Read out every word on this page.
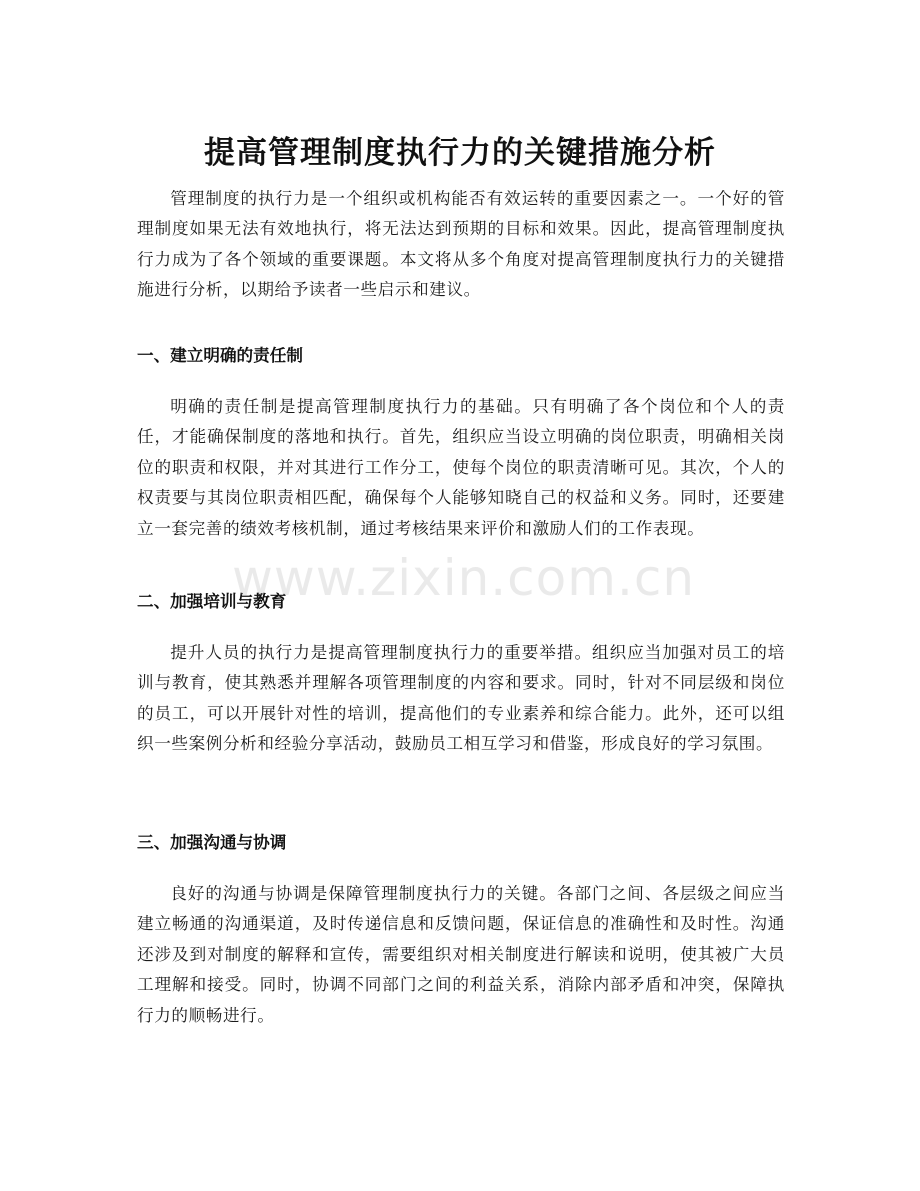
提高管理制度执行力的关键措施分析

管理制度的执行力是一个组织或机构能否有效运转的重要因素之一。一个好的管理制度如果无法有效地执行，将无法达到预期的目标和效果。因此，提高管理制度执行力成为了各个领域的重要课题。本文将从多个角度对提高管理制度执行力的关键措施进行分析，以期给予读者一些启示和建议。

一、建立明确的责任制

明确的责任制是提高管理制度执行力的基础。只有明确了各个岗位和个人的责任，才能确保制度的落地和执行。首先，组织应当设立明确的岗位职责，明确相关岗位的职责和权限，并对其进行工作分工，使每个岗位的职责清晰可见。其次，个人的权责要与其岗位职责相匹配，确保每个人能够知晓自己的权益和义务。同时，还要建立一套完善的绩效考核机制，通过考核结果来评价和激励人们的工作表现。

二、加强培训与教育

提升人员的执行力是提高管理制度执行力的重要举措。组织应当加强对员工的培训与教育，使其熟悉并理解各项管理制度的内容和要求。同时，针对不同层级和岗位的员工，可以开展针对性的培训，提高他们的专业素养和综合能力。此外，还可以组织一些案例分析和经验分享活动，鼓励员工相互学习和借鉴，形成良好的学习氛围。

三、加强沟通与协调

良好的沟通与协调是保障管理制度执行力的关键。各部门之间、各层级之间应当建立畅通的沟通渠道，及时传递信息和反馈问题，保证信息的准确性和及时性。沟通还涉及到对制度的解释和宣传，需要组织对相关制度进行解读和说明，使其被广大员工理解和接受。同时，协调不同部门之间的利益关系，消除内部矛盾和冲突，保障执行力的顺畅进行。

www.zixin.com.cn
